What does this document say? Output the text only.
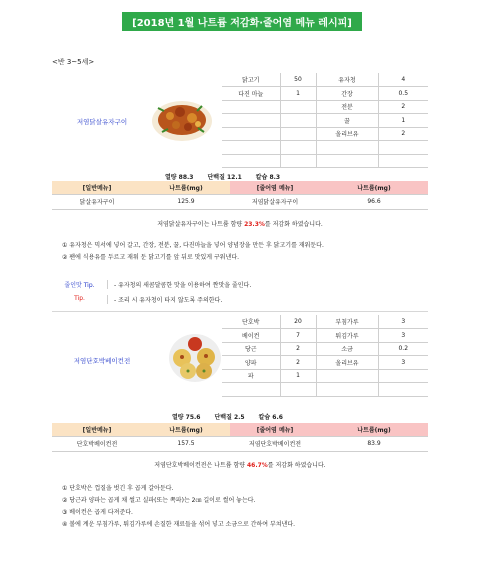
[2018년 1월 나트륨 저감화·줄어염 메뉴 레시피]
<반 3~5세>
저염닭살유자구이
닭고기	50	유자청	4
다진 마늘	1	간장	0.5
		전분	2
		꿀	1
		올리브유	2

열량 88.3 단백질 12.1 칼슘 8.3
[일반메뉴]	나트륨(mg)	[줄어염 메뉴]	나트륨(mg)
닭살유자구이	125.9	저염닭살유자구이	96.6
저염닭살유자구이는 나트륨 함량 23.3%를 저감화 하였습니다.
① 유자청은 믹서에 넣어 갈고, 간장, 전분, 꿀, 다진마늘을 넣어 양념장을 만든 후 닭고기를 재워둔다.
② 팬에 식용유를 두르고 재워 둔 닭고기를 앞 뒤로 맛있게 구워낸다.
줄인맛 Tip.	- 유자청의 새콤달콤한 맛을 이용하여 짠맛을 줄인다.
Tip.	- 조리 시 유자청이 타지 않도록 주의한다.
저염단호박베이컨전
단호박	20	부침가루	3
베이컨	7	튀김가루	3
당근	2	소금	0.2
양파	2	올리브유	3
파	1		

열량 75.6 단백질 2.5 칼슘 6.6
[일반메뉴]	나트륨(mg)	[줄어염 메뉴]	나트륨(mg)
단호박베이컨전	157.5	저염단호박베이컨전	83.9
저염단호박베이컨전은 나트륨 함량 46.7%를 저감화 하였습니다.
① 단호박은 껍질을 벗긴 후 곱게 갈아둔다.
② 당근과 양파는 곱게 채 썰고 실파(또는 쪽파)는 2㎝ 길이로 썰어 놓는다.
③ 베이컨은 곱게 다져준다.
④ 볼에 계운 부침가루, 튀김가루에 손질한 재료들을 섞어 넣고 소금으로 간하여 부쳐낸다.
